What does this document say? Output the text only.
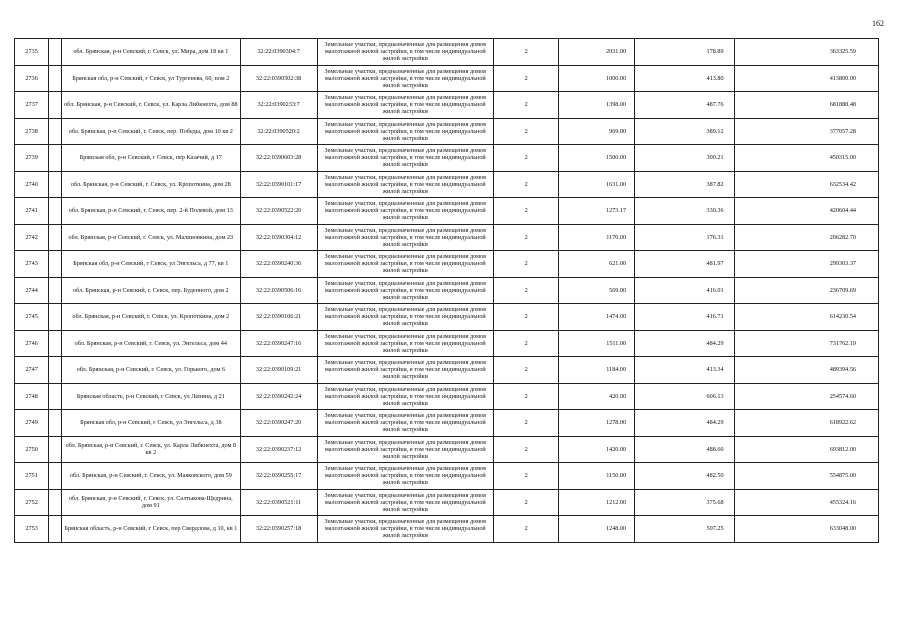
162
2735		обл. Брянская, р-н Севский, г. Севск, ул. Мира, дом 18 кв 1	32:22:0390304:7	Земельные участки, предназначенные для размещения домов малоэтажной жилой застройки, в том числе индивидуальной жилой застройки	2	2031.00	178.89	363325.59
2736		Брянская обл, р-н Севский, г Севск, ул Тургенева, 60, пом 2	32:22:0390502:38	Земельные участки, предназначенные для размещения домов малоэтажной жилой застройки, в том числе индивидуальной жилой застройки	2	1000.00	413.80	413800.00
2737		обл. Брянская, р-н Севский, г. Севск, ул. Карла Либкнехта, дом 88	32:22:0390233:7	Земельные участки, предназначенные для размещения домов малоэтажной жилой застройки, в том числе индивидуальной жилой застройки	2	1398.00	487.76	681888.48
2738		обл. Брянская, р-н Севский, г. Севск, пер. Победы, дом 10 кв 2	32:22:0390520:2	Земельные участки, предназначенные для размещения домов малоэтажной жилой застройки, в том числе индивидуальной жилой застройки	2	969.00	389.12	377057.28
2739		Брянская обл, р-н Севский, г Севск, пер Казачий, д 17	32:22:0390603:28	Земельные участки, предназначенные для размещения домов малоэтажной жилой застройки, в том числе индивидуальной жилой застройки	2	1500.00	300.21	450315.00
2740		обл. Брянская, р-н Севский, г. Севск, ул. Кропоткина, дом 28	32:22:0390101:17	Земельные участки, предназначенные для размещения домов малоэтажной жилой застройки, в том числе индивидуальной жилой застройки	2	1631.00	387.82	632534.42
2741		обл. Брянская, р-н Севский, г. Севск, пер. 2-й Полевой, дом 13	32:22:0390522:20	Земельные участки, предназначенные для размещения домов малоэтажной жилой застройки, в том числе индивидуальной жилой застройки	2	1273.17	330.36	420604.44
2742		обл. Брянская, р-н Севский, г. Севск, ул. Малиновкина, дом 23	32:22:0390304:12	Земельные участки, предназначенные для размещения домов малоэтажной жилой застройки, в том числе индивидуальной жилой застройки	2	1170.00	176.31	206282.70
2743		Брянская обл, р-н Севский, г Севск, ул Энгельса, д 77, кв 1	32:22:0390240:36	Земельные участки, предназначенные для размещения домов малоэтажной жилой застройки, в том числе индивидуальной жилой застройки	2	621.00	481.97	299303.37
2744		обл. Брянская, р-н Севский, г. Севск, пер. Буденного, дом 2	32:22:0390506:16	Земельные участки, предназначенные для размещения домов малоэтажной жилой застройки, в том числе индивидуальной жилой застройки	2	569.00	416.01	236709.69
2745		обл. Брянская, р-н Севский, г. Севск, ул. Кропоткина, дом 2	32:22:0390106:21	Земельные участки, предназначенные для размещения домов малоэтажной жилой застройки, в том числе индивидуальной жилой застройки	2	1474.00	416.71	614230.54
2746		обл. Брянская, р-н Севский, г. Севск, ул. Энгельса, дом 44	32:22:0390247:16	Земельные участки, предназначенные для размещения домов малоэтажной жилой застройки, в том числе индивидуальной жилой застройки	2	1511.00	484.29	731762.19
2747		обл. Брянская, р-н Севский, г. Севск, ул. Горького, дом 6	32:22:0390109:21	Земельные участки, предназначенные для размещения домов малоэтажной жилой застройки, в том числе индивидуальной жилой застройки	2	1184.00	413.34	489394.56
2748		Брянская область, р-н Севский, г Севск, ул Ленина, д 21	32:22:0390242:24	Земельные участки, предназначенные для размещения домов малоэтажной жилой застройки, в том числе индивидуальной жилой застройки	2	420.00	606.13	254574.60
2749		Брянская обл, р-н Севский, г Севск, ул Энгельса, д 38	32:22:0390247:20	Земельные участки, предназначенные для размещения домов малоэтажной жилой застройки, в том числе индивидуальной жилой застройки	2	1278.00	484.29	618922.62
2750		обл. Брянская, р-н Севский, г. Севск, ул. Карла Либкнехта, дом 8 кв 2	32:22:0390237:12	Земельные участки, предназначенные для размещения домов малоэтажной жилой застройки, в том числе индивидуальной жилой застройки	2	1420.00	488.60	693812.00
2751		обл. Брянская, р-н Севский, г. Севск, ул. Маяковского, дом 59	32:22:0390255:17	Земельные участки, предназначенные для размещения домов малоэтажной жилой застройки, в том числе индивидуальной жилой застройки	2	1150.00	482.50	554875.00
2752		обл. Брянская, р-н Севский, г. Севск, ул. Салтыкова-Щедрина, дом 91	32:22:0390521:11	Земельные участки, предназначенные для размещения домов малоэтажной жилой застройки, в том числе индивидуальной жилой застройки	2	1212.00	375.68	455324.16
2753		Брянская область, р-н Севский, г Севск, пер Свердлова, д 10, кв 1	32:22:0390257:18	Земельные участки, предназначенные для размещения домов малоэтажной жилой застройки, в том числе индивидуальной жилой застройки	2	1248.00	507.25	633048.00
